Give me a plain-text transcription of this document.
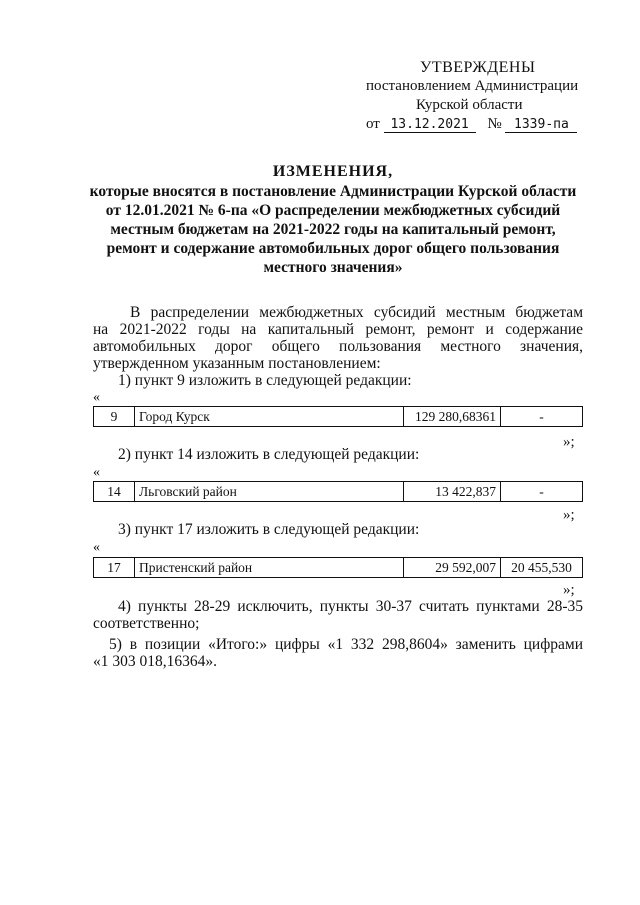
УТВЕРЖДЕНЫ
постановлением Администрации
Курской области
от 13.12.2021 № 1339-па
ИЗМЕНЕНИЯ,
которые вносятся в постановление Администрации Курской области
от 12.01.2021 № 6-па «О распределении межбюджетных субсидий
местным бюджетам на 2021-2022 годы на капитальный ремонт,
ремонт и содержание автомобильных дорог общего пользования
местного значения»
В распределении межбюджетных субсидий местным бюджетам
на 2021-2022 годы на капитальный ремонт, ремонт и содержание
автомобильных дорог общего пользования местного значения,
утвержденном указанным постановлением:
1) пункт 9 изложить в следующей редакции:
«
9	Город Курск	129 280,68361	-
»;
2) пункт 14 изложить в следующей редакции:
«
14	Льговский район	13 422,837	-
»;
3) пункт 17 изложить в следующей редакции:
«
17	Пристенский район	29 592,007	20 455,530
»;
4) пункты 28-29 исключить, пункты 30-37 считать пунктами 28-35
соответственно;
5) в позиции «Итого:» цифры «1 332 298,8604» заменить цифрами
«1 303 018,16364».
